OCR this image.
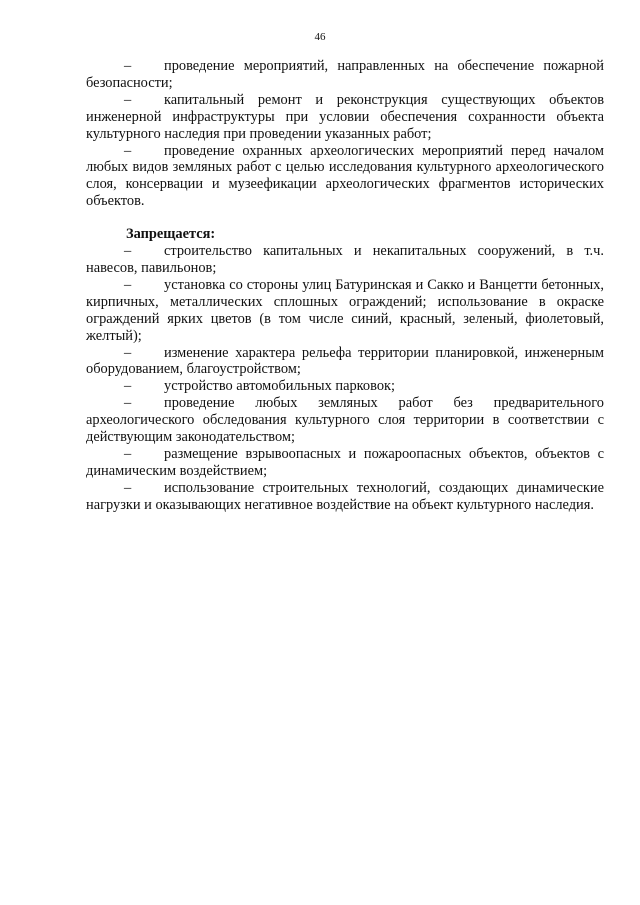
46

– проведение мероприятий, направленных на обеспечение пожарной безопасности;

– капитальный ремонт и реконструкция существующих объектов инженерной инфраструктуры при условии обеспечения сохранности объекта культурного наследия при проведении указанных работ;

– проведение охранных археологических мероприятий перед началом любых видов земляных работ с целью исследования культурного археологического слоя, консервации и музеефикации археологических фрагментов исторических объектов.

Запрещается:

– строительство капитальных и некапитальных сооружений, в т.ч. навесов, павильонов;

– установка со стороны улиц Батуринская и Сакко и Ванцетти бетонных, кирпичных, металлических сплошных ограждений; использование в окраске ограждений ярких цветов (в том числе синий, красный, зеленый, фиолетовый, желтый);

– изменение характера рельефа территории планировкой, инженерным оборудованием, благоустройством;

– устройство автомобильных парковок;

– проведение любых земляных работ без предварительного археологического обследования культурного слоя территории в соответствии с действующим законодательством;

– размещение взрывоопасных и пожароопасных объектов, объектов с динамическим воздействием;

– использование строительных технологий, создающих динамические нагрузки и оказывающих негативное воздействие на объект культурного наследия.
